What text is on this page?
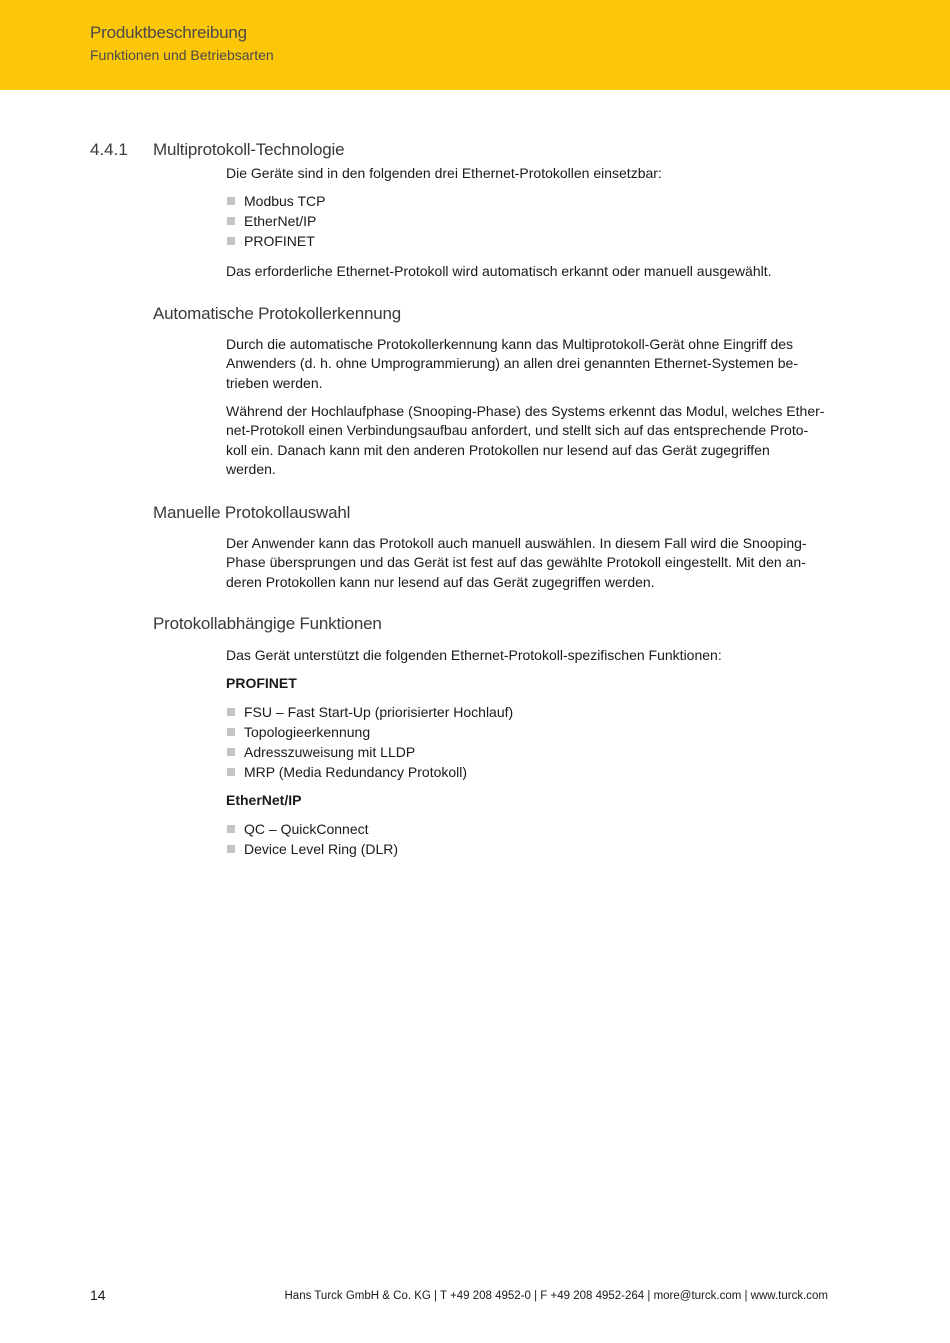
Produktbeschreibung
Funktionen und Betriebsarten
4.4.1 Multiprotokoll-Technologie
Die Geräte sind in den folgenden drei Ethernet-Protokollen einsetzbar:
Modbus TCP
EtherNet/IP
PROFINET
Das erforderliche Ethernet-Protokoll wird automatisch erkannt oder manuell ausgewählt.
Automatische Protokollerkennung
Durch die automatische Protokollerkennung kann das Multiprotokoll-Gerät ohne Eingriff des
Anwenders (d. h. ohne Umprogrammierung) an allen drei genannten Ethernet-Systemen be-
trieben werden.
Während der Hochlaufphase (Snooping-Phase) des Systems erkennt das Modul, welches Ether-
net-Protokoll einen Verbindungsaufbau anfordert, und stellt sich auf das entsprechende Proto-
koll ein. Danach kann mit den anderen Protokollen nur lesend auf das Gerät zugegriffen
werden.
Manuelle Protokollauswahl
Der Anwender kann das Protokoll auch manuell auswählen. In diesem Fall wird die Snooping-
Phase übersprungen und das Gerät ist fest auf das gewählte Protokoll eingestellt. Mit den an-
deren Protokollen kann nur lesend auf das Gerät zugegriffen werden.
Protokollabhängige Funktionen
Das Gerät unterstützt die folgenden Ethernet-Protokoll-spezifischen Funktionen:
PROFINET
FSU – Fast Start-Up (priorisierter Hochlauf)
Topologieerkennung
Adresszuweisung mit LLDP
MRP (Media Redundancy Protokoll)
EtherNet/IP
QC – QuickConnect
Device Level Ring (DLR)
14	Hans Turck GmbH & Co. KG | T +49 208 4952-0 | F +49 208 4952-264 | more@turck.com | www.turck.com
